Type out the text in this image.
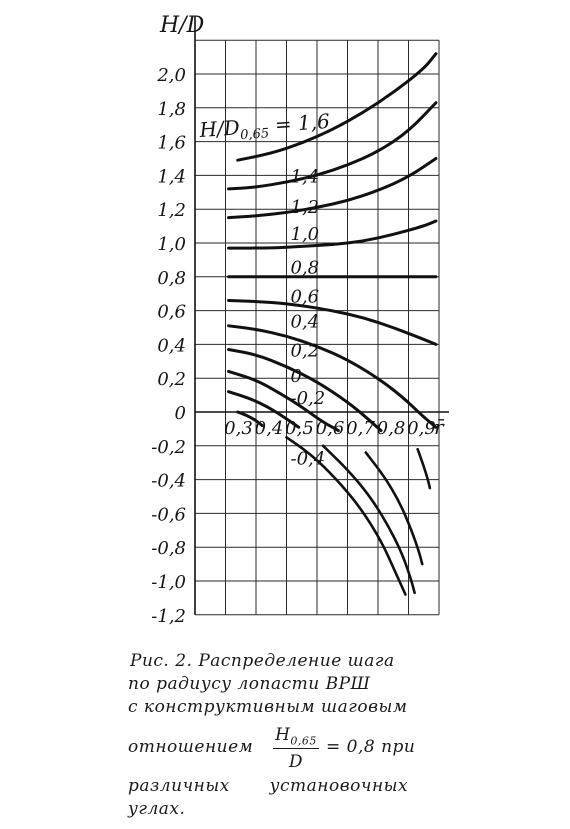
2,0
1,8
1,6
1,4
1,2
1,0
0,8
0,6
0,4
0,2
0
-0,2
-0,4
-0,6
-0,8
-1,0
-1,2
0,3 0,4 0,5 0,6 0,7 0,8 0,9
1,4
1,2
1,0
0,8
0,6
0,4
0,2
0
-0,2
-0,4
H/D
r̄
$H/D_{0,65} = 1,6$
Рис. 2. Распределение шага
по радиусу лопасти ВРШ
с конструктивным шаговым
отношением
$H_{0,65}$
D
= 0,8 при
различных установочных
углах.
